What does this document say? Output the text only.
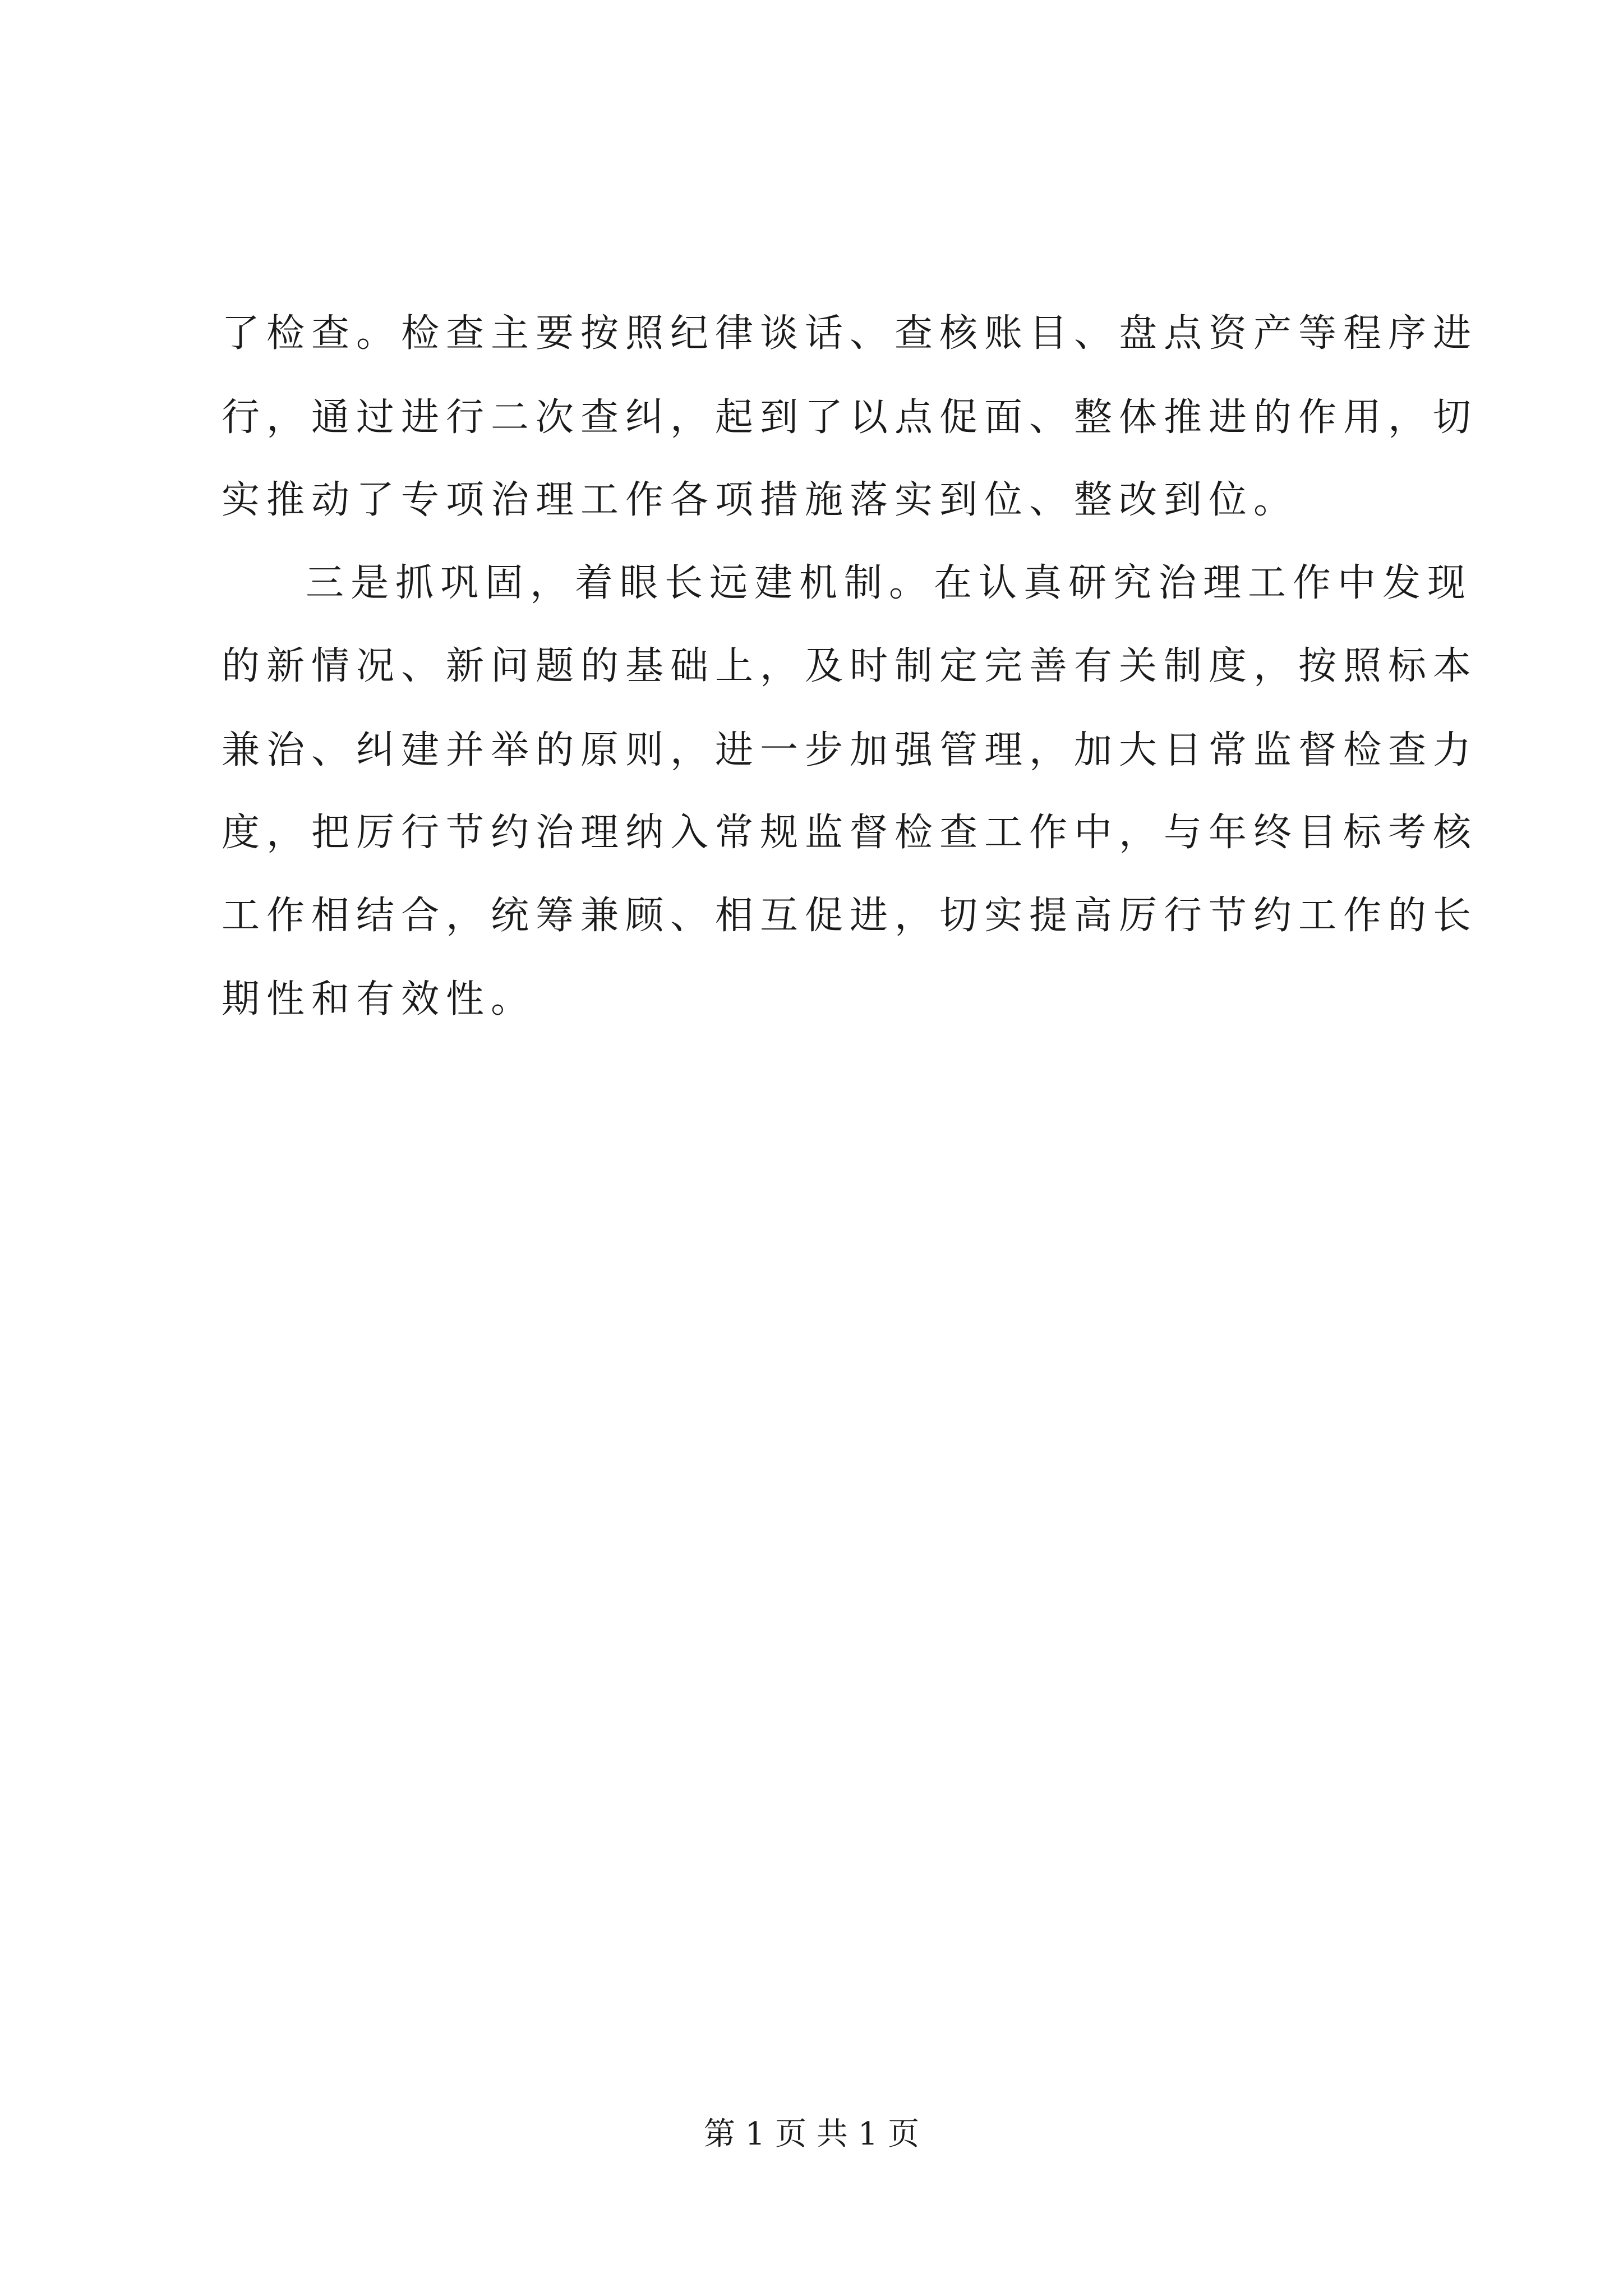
了检查。检查主要按照纪律谈话、查核账目、盘点资产等程序进

行，通过进行二次查纠，起到了以点促面、整体推进的作用，切

实推动了专项治理工作各项措施落实到位、整改到位。

三是抓巩固，着眼长远建机制。在认真研究治理工作中发现

的新情况、新问题的基础上，及时制定完善有关制度，按照标本

兼治、纠建并举的原则，进一步加强管理，加大日常监督检查力

度，把厉行节约治理纳入常规监督检查工作中，与年终目标考核

工作相结合，统筹兼顾、相互促进，切实提高厉行节约工作的长

期性和有效性。

第 1 页 共 1 页
